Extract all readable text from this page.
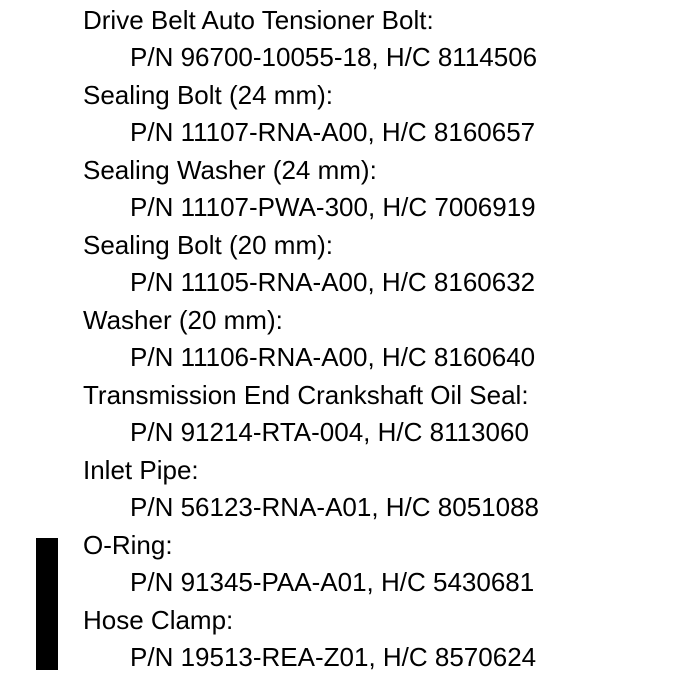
Drive Belt Auto Tensioner Bolt:
P/N 96700-10055-18, H/C 8114506
Sealing Bolt (24 mm):
P/N 11107-RNA-A00, H/C 8160657
Sealing Washer (24 mm):
P/N 11107-PWA-300, H/C 7006919
Sealing Bolt (20 mm):
P/N 11105-RNA-A00, H/C 8160632
Washer (20 mm):
P/N 11106-RNA-A00, H/C 8160640
Transmission End Crankshaft Oil Seal:
P/N 91214-RTA-004, H/C 8113060
Inlet Pipe:
P/N 56123-RNA-A01, H/C 8051088
O-Ring:
P/N 91345-PAA-A01, H/C 5430681
Hose Clamp:
P/N 19513-REA-Z01, H/C 8570624
